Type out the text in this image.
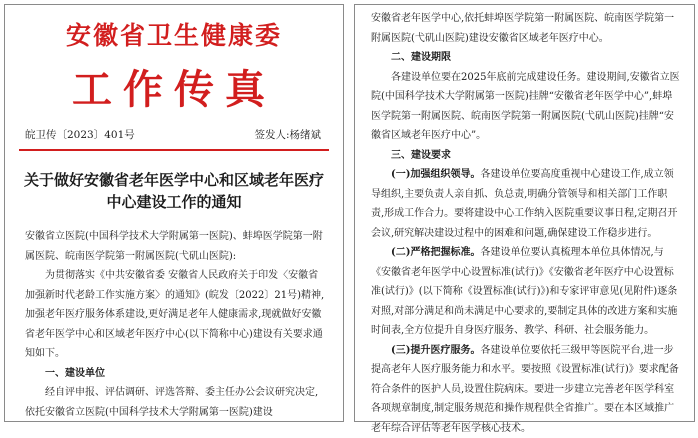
安徽省卫生健康委
工作传真
皖卫传〔2023〕401号	签发人:杨绪斌
关于做好安徽省老年医学中心和区域老年医疗中心建设工作的通知

安徽省立医院(中国科学技术大学附属第一医院)、蚌埠医学院第一附属医院、皖南医学院第一附属医院(弋矶山医院):

为贯彻落实《中共安徽省委 安徽省人民政府关于印发〈安徽省加强新时代老龄工作实施方案〉的通知》(皖发〔2022〕21号)精神,加强老年医疗服务体系建设,更好满足老年人健康需求,现就做好安徽省老年医学中心和区域老年医疗中心(以下简称中心)建设有关要求通知如下。

一、建设单位

经自评申报、评估调研、评选答辩、委主任办公会议研究决定,依托安徽省立医院(中国科学技术大学附属第一医院)建设

安徽省老年医学中心,依托蚌埠医学院第一附属医院、皖南医学院第一附属医院(弋矶山医院)建设安徽省区域老年医疗中心。

二、建设期限

各建设单位要在2025年底前完成建设任务。建设期间,安徽省立医院(中国科学技术大学附属第一医院)挂牌“安徽省老年医学中心”,蚌埠医学院第一附属医院、皖南医学院第一附属医院(弋矶山医院)挂牌“安徽省区域老年医疗中心”。

三、建设要求

(一)加强组织领导。各建设单位要高度重视中心建设工作,成立领导组织,主要负责人亲自抓、负总责,明确分管领导和相关部门工作职责,形成工作合力。要将建设中心工作纳入医院重要议事日程,定期召开会议,研究解决建设过程中的困难和问题,确保建设工作稳步进行。

(二)严格把握标准。各建设单位要认真梳理本单位具体情况,与《安徽省老年医学中心设置标准(试行)》《安徽省老年医疗中心设置标准(试行)》(以下简称《设置标准(试行)》)和专家评审意见(见附件)逐条对照,对部分满足和尚未满足中心要求的,要制定具体的改进方案和实施时间表,全方位提升自身医疗服务、教学、科研、社会服务能力。

(三)提升医疗服务。各建设单位要依托三级甲等医院平台,进一步提高老年人医疗服务能力和水平。要按照《设置标准(试行)》要求配备符合条件的医护人员,设置住院病床。要进一步建立完善老年医学科室各项规章制度,制定服务规范和操作规程供全省推广。要在本区域推广老年综合评估等老年医学核心技术。
